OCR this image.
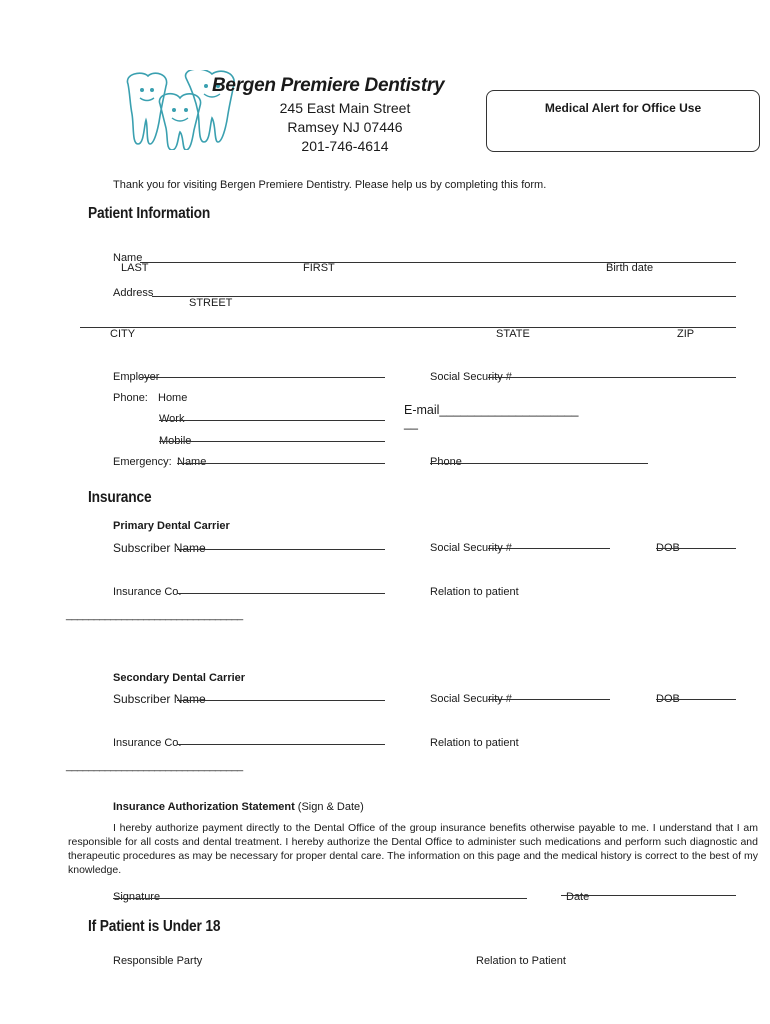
Bergen Premiere Dentistry
245 East Main Street
Ramsey NJ 07446
201-746-4614
Medical Alert for Office Use
Thank you for visiting Bergen Premiere Dentistry. Please help us by completing this form.
Patient Information
Name
LAST	FIRST	Birth date
Address
STREET
CITY	STATE	ZIP
Employer	Social Security #
Phone: Home
Work
Mobile
E-mail____________________
__
Emergency: Name	Phone
Insurance
Primary Dental Carrier
Subscriber Name	Social Security #	DOB
Insurance Co.	Relation to patient
________________________________
Secondary Dental Carrier
Subscriber Name	Social Security #	DOB
Insurance Co.	Relation to patient
________________________________
Insurance Authorization Statement (Sign & Date)
I hereby authorize payment directly to the Dental Office of the group insurance benefits otherwise payable to me. I understand that I am responsible for all costs and dental treatment. I hereby authorize the Dental Office to administer such medications and perform such diagnostic and therapeutic procedures as may be necessary for proper dental care. The information on this page and the medical history is correct to the best of my knowledge.
Signature	Date
If Patient is Under 18
Responsible Party	Relation to Patient
